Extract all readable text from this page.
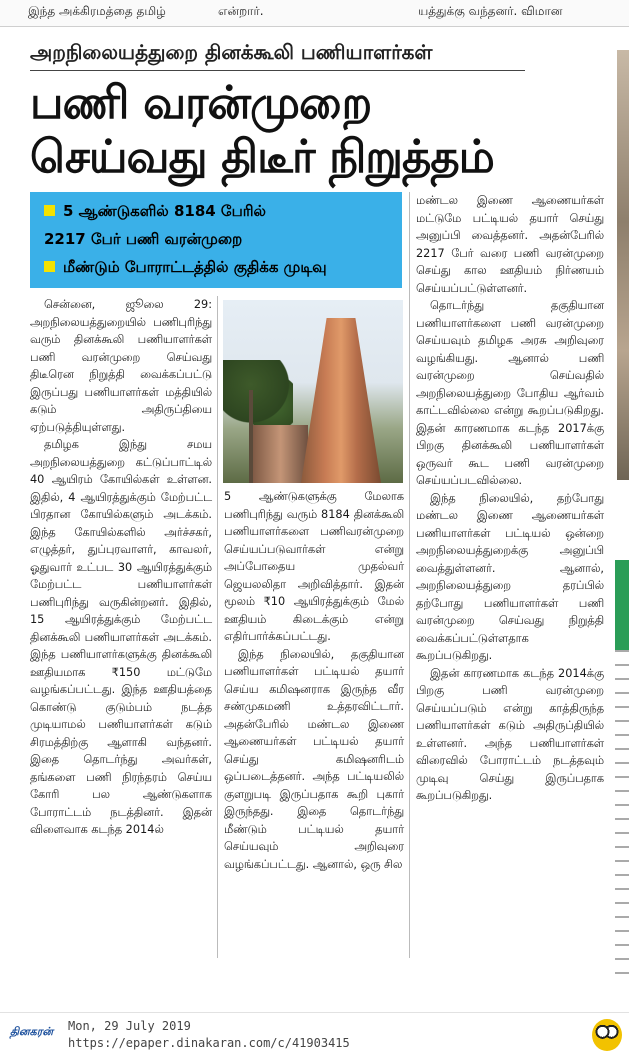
இந்த அக்கிரமத்தை தமிழ்	என்றார்.	யத்துக்கு வந்தனர். விமான
அறநிலையத்துறை தினக்கூலி பணியாளர்கள்
பணி வரன்முறை
செய்வது திடீர் நிறுத்தம்
5 ஆண்டுகளில் 8184 பேரில்
2217 பேர் பணி வரன்முறை
மீண்டும் போராட்டத்தில் குதிக்க முடிவு

சென்னை, ஜூலை 29: அறநிலையத்துறையில் பணிபுரிந்து வரும் தினக்கூலி பணியாளர்கள் பணி வரன்முறை செய்வது திடீரென நிறுத்தி வைக்கப்பட்டு இருப்பது பணியாளர்கள் மத்தியில் கடும் அதிருப்தியை ஏற்படுத்தியுள்ளது.

தமிழக இந்து சமய அறநிலையத்துறை கட்டுப்பாட்டில் 40 ஆயிரம் கோயில்கள் உள்ளன. இதில், 4 ஆயிரத்துக்கும் மேற்பட்ட பிரதான கோயில்களும் அடக்கம். இந்த கோயில்களில் அர்ச்சகர், எழுத்தர், துப்புரவாளர், காவலர், ஓதுவார் உட்பட 30 ஆயிரத்துக்கும் மேற்பட்ட பணியாளர்கள் பணிபுரிந்து வருகின்றனர். இதில், 15 ஆயிரத்துக்கும் மேற்பட்ட தினக்கூலி பணியாளர்கள் அடக்கம். இந்த பணியாளர்களுக்கு தினக்கூலி ஊதியமாக ₹150 மட்டுமே வழங்கப்பட்டது. இந்த ஊதியத்தை கொண்டு குடும்பம் நடத்த முடியாமல் பணியாளர்கள் கடும் சிரமத்திற்கு ஆளாகி வந்தனர். இதை தொடர்ந்து அவர்கள், தங்களை பணி நிரந்தரம் செய்ய கோரி பல ஆண்டுகளாக போராட்டம் நடத்தினர். இதன் விளைவாக கடந்த 2014ல்

5 ஆண்டுகளுக்கு மேலாக பணிபுரிந்து வரும் 8184 தினக்கூலி பணியாளர்களை பணிவரன்முறை செய்யப்படுவார்கள் என்று அப்போதைய முதல்வர் ஜெயலலிதா அறிவித்தார். இதன் மூலம் ₹10 ஆயிரத்துக்கும் மேல் ஊதியம் கிடைக்கும் என்று எதிர்பார்க்கப்பட்டது.

இந்த நிலையில், தகுதியான பணியாளர்கள் பட்டியல் தயார் செய்ய கமிஷனராக இருந்த வீர சண்முகமணி உத்தரவிட்டார். அதன்பேரில் மண்டல இணை ஆணையர்கள் பட்டியல் தயார் செய்து கமிஷனரிடம் ஒப்படைத்தனர். அந்த பட்டியலில் குளறுபடி இருப்பதாக கூறி புகார் இருந்தது. இதை தொடர்ந்து மீண்டும் பட்டியல் தயார் செய்யவும் அறிவுரை வழங்கப்பட்டது. ஆனால், ஒரு சில

மண்டல இணை ஆணையர்கள் மட்டுமே பட்டியல் தயார் செய்து அனுப்பி வைத்தனர். அதன்பேரில் 2217 பேர் வரை பணி வரன்முறை செய்து கால ஊதியம் நிர்ணயம் செய்யப்பட்டுள்ளனர்.

தொடர்ந்து தகுதியான பணியாளர்களை பணி வரன்முறை செய்யவும் தமிழக அரசு அறிவுரை வழங்கியது. ஆனால் பணி வரன்முறை செய்வதில் அறநிலையத்துறை போதிய ஆர்வம் காட்டவில்லை என்று கூறப்படுகிறது. இதன் காரணமாக கடந்த 2017க்கு பிறகு தினக்கூலி பணியாளர்கள் ஒருவர் கூட பணி வரன்முறை செய்யப்படவில்லை.

இந்த நிலையில், தற்போது மண்டல இணை ஆணையர்கள் பணியாளர்கள் பட்டியல் ஒன்றை அறநிலையத்துறைக்கு அனுப்பி வைத்துள்ளனர். ஆனால், அறநிலையத்துறை தரப்பில் தற்போது பணியாளர்கள் பணி வரன்முறை செய்வது நிறுத்தி வைக்கப்பட்டுள்ளதாக கூறப்படுகிறது.

இதன் காரணமாக கடந்த 2014க்கு பிறகு பணி வரன்முறை செய்யப்படும் என்று காத்திருந்த பணியாளர்கள் கடும் அதிருப்தியில் உள்ளனர். அந்த பணியாளர்கள் விரைவில் போராட்டம் நடத்தவும் முடிவு செய்து இருப்பதாக கூறப்படுகிறது.

தினகரன் Mon, 29 July 2019
https://epaper.dinakaran.com/c/41903415
